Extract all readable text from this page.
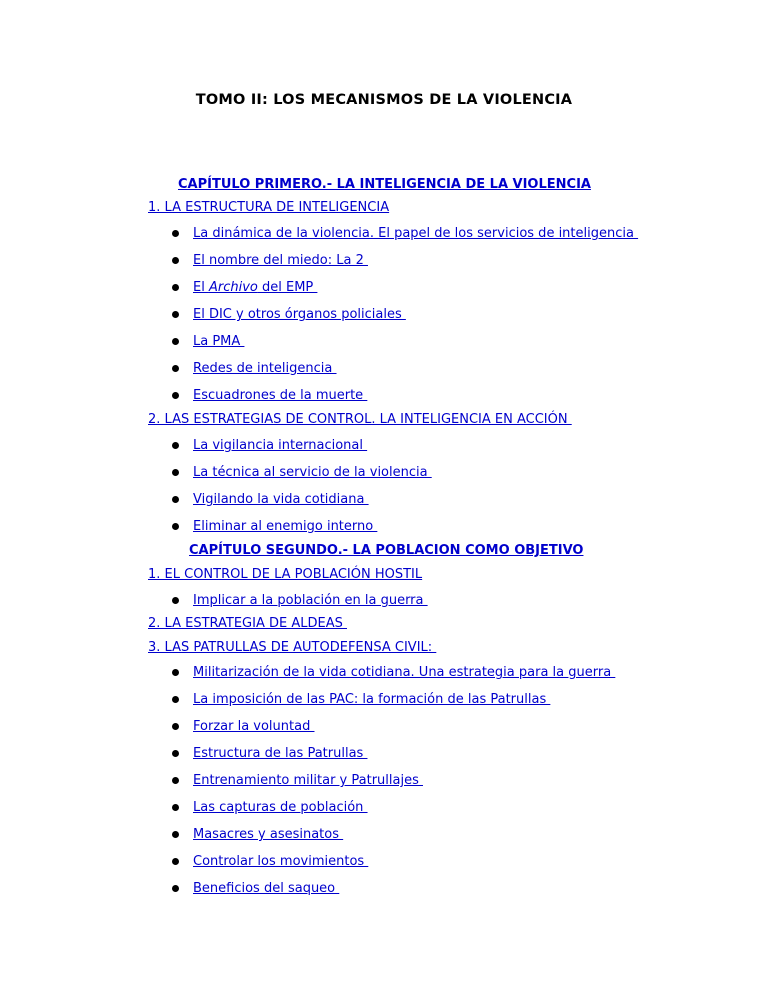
TOMO II: LOS MECANISMOS DE LA VIOLENCIA
CAPÍTULO PRIMERO.- LA INTELIGENCIA DE LA VIOLENCIA
1. LA ESTRUCTURA DE INTELIGENCIA
La dinámica de la violencia. El papel de los servicios de inteligencia
El nombre del miedo: La 2
El Archivo del EMP
El DIC y otros órganos policiales
La PMA
Redes de inteligencia
Escuadrones de la muerte
2. LAS ESTRATEGIAS DE CONTROL. LA INTELIGENCIA EN ACCIÓN
La vigilancia internacional
La técnica al servicio de la violencia
Vigilando la vida cotidiana
Eliminar al enemigo interno
CAPÍTULO SEGUNDO.- LA POBLACION COMO OBJETIVO
1. EL CONTROL DE LA POBLACIÓN HOSTIL
Implicar a la población en la guerra
2. LA ESTRATEGIA DE ALDEAS
3. LAS PATRULLAS DE AUTODEFENSA CIVIL:
Militarización de la vida cotidiana. Una estrategia para la guerra
La imposición de las PAC: la formación de las Patrullas
Forzar la voluntad
Estructura de las Patrullas
Entrenamiento militar y Patrullajes
Las capturas de población
Masacres y asesinatos
Controlar los movimientos
Beneficios del saqueo
